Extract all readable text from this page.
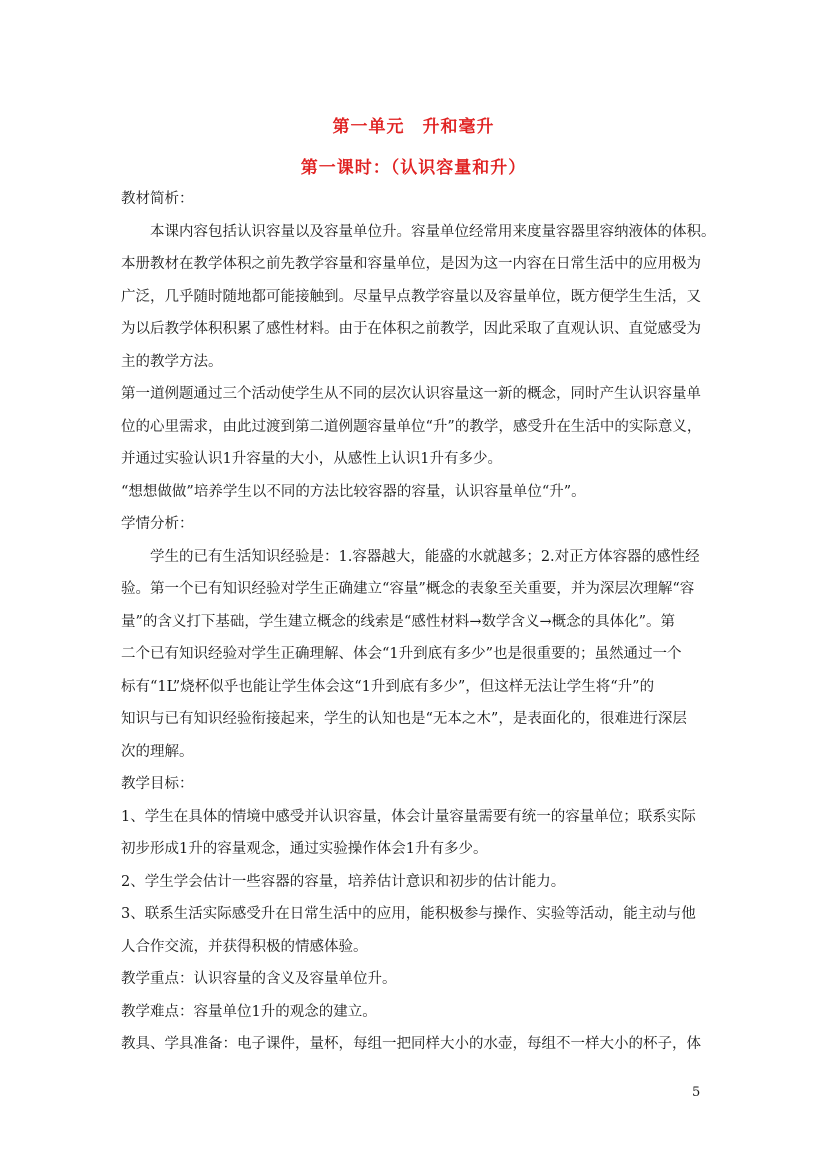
第一单元　升和毫升
第一课时：（认识容量和升）
教材简析：
本课内容包括认识容量以及容量单位升。容量单位经常用来度量容器里容纳液体的体积。
本册教材在教学体积之前先教学容量和容量单位，是因为这一内容在日常生活中的应用极为
广泛，几乎随时随地都可能接触到。尽量早点教学容量以及容量单位，既方便学生生活，又
为以后教学体积积累了感性材料。由于在体积之前教学，因此采取了直观认识、直觉感受为
主的教学方法。
第一道例题通过三个活动使学生从不同的层次认识容量这一新的概念，同时产生认识容量单
位的心里需求，由此过渡到第二道例题容量单位“升”的教学，感受升在生活中的实际意义，
并通过实验认识1升容量的大小，从感性上认识1升有多少。
“想想做做”培养学生以不同的方法比较容器的容量，认识容量单位“升”。
学情分析：
学生的已有生活知识经验是：1.容器越大，能盛的水就越多；2.对正方体容器的感性经
验。第一个已有知识经验对学生正确建立“容量”概念的表象至关重要，并为深层次理解“容
量”的含义打下基础，学生建立概念的线索是“感性材料→数学含义→概念的具体化”。第
二个已有知识经验对学生正确理解、体会“1升到底有多少”也是很重要的；虽然通过一个
标有“1L”烧杯似乎也能让学生体会这“1升到底有多少”，但这样无法让学生将“升”的
知识与已有知识经验衔接起来，学生的认知也是“无本之木”，是表面化的，很难进行深层
次的理解。
教学目标：
1、学生在具体的情境中感受并认识容量，体会计量容量需要有统一的容量单位；联系实际
初步形成1升的容量观念，通过实验操作体会1升有多少。
2、学生学会估计一些容器的容量，培养估计意识和初步的估计能力。
3、联系生活实际感受升在日常生活中的应用，能积极参与操作、实验等活动，能主动与他
人合作交流，并获得积极的情感体验。
教学重点：认识容量的含义及容量单位升。
教学难点：容量单位1升的观念的建立。
教具、学具准备：电子课件，量杯，每组一把同样大小的水壶，每组不一样大小的杯子，体
5
